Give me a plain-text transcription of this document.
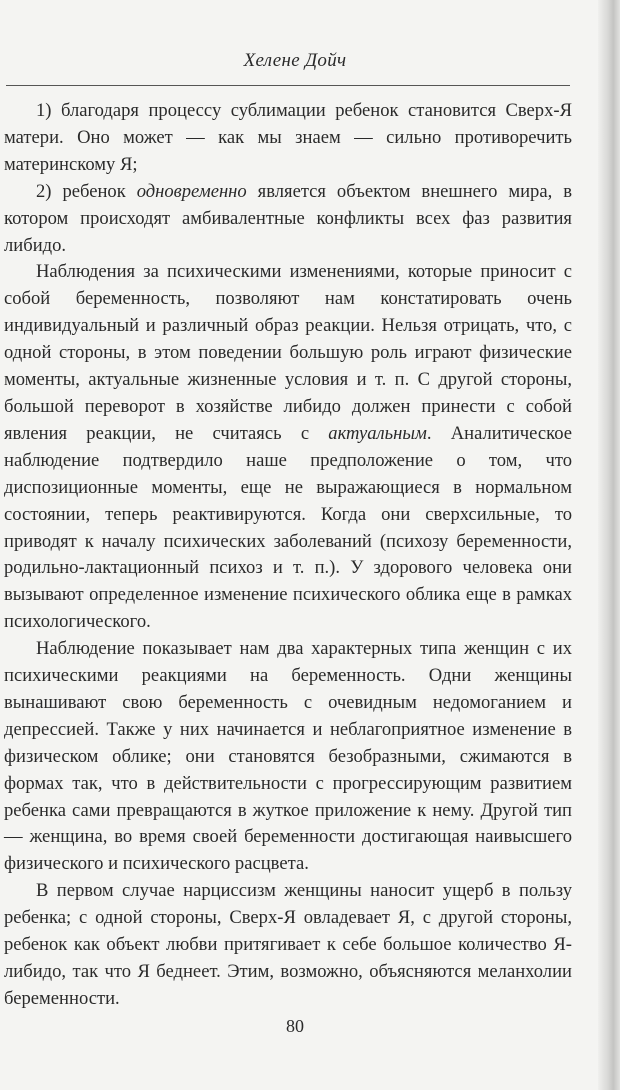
Хелене Дойч

1) благодаря процессу сублимации ребенок становится Сверх-Я матери. Оно может — как мы знаем — сильно противоречить материнскому Я;

2) ребенок одновременно является объектом внешнего мира, в котором происходят амбивалентные конфликты всех фаз развития либидо.

Наблюдения за психическими изменениями, которые приносит с собой беременность, позволяют нам констатировать очень индивидуальный и различный образ реакции. Нельзя отрицать, что, с одной стороны, в этом поведении большую роль играют физические моменты, актуальные жизненные условия и т. п. С другой стороны, большой переворот в хозяйстве либидо должен принести с собой явления реакции, не считаясь с актуальным. Аналитическое наблюдение подтвердило наше предположение о том, что диспозиционные моменты, еще не выражающиеся в нормальном состоянии, теперь реактивируются. Когда они сверхсильные, то приводят к началу психических заболеваний (психозу беременности, родильно-лактационный психоз и т. п.). У здорового человека они вызывают определенное изменение психического облика еще в рамках психологического.

Наблюдение показывает нам два характерных типа женщин с их психическими реакциями на беременность. Одни женщины вынашивают свою беременность с очевидным недомоганием и депрессией. Также у них начинается и неблагоприятное изменение в физическом облике; они становятся безобразными, сжимаются в формах так, что в действительности с прогрессирующим развитием ребенка сами превращаются в жуткое приложение к нему. Другой тип — женщина, во время своей беременности достигающая наивысшего физического и психического расцвета.

В первом случае нарциссизм женщины наносит ущерб в пользу ребенка; с одной стороны, Сверх-Я овладевает Я, с другой стороны, ребенок как объект любви притягивает к себе большое количество Я-либидо, так что Я беднеет. Этим, возможно, объясняются меланхолии беременности.

80
